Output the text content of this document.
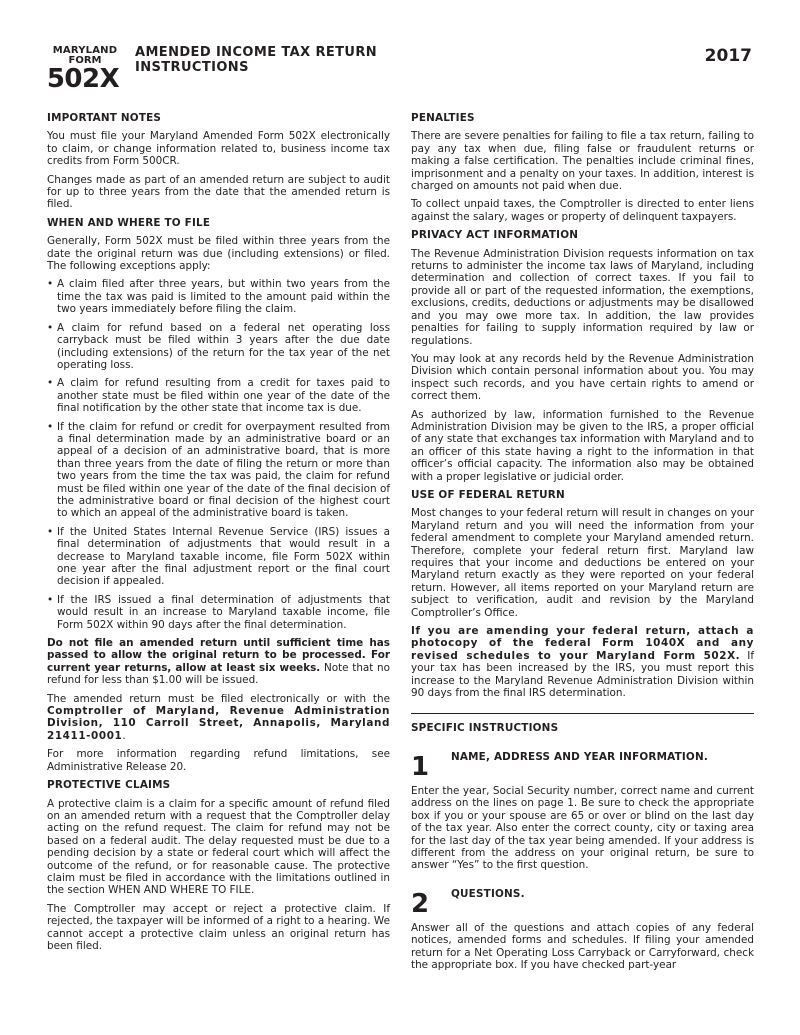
MARYLAND
FORM
502X
AMENDED INCOME TAX RETURN
INSTRUCTIONS
2017
IMPORTANT NOTES

You must file your Maryland Amended Form 502X electronically to claim, or change information related to, business income tax credits from Form 500CR.

Changes made as part of an amended return are subject to audit for up to three years from the date that the amended return is filed.

WHEN AND WHERE TO FILE

Generally, Form 502X must be filed within three years from the date the original return was due (including extensions) or filed. The following exceptions apply:

• A claim filed after three years, but within two years from the time the tax was paid is limited to the amount paid within the two years immediately before filing the claim.
• A claim for refund based on a federal net operating loss carryback must be filed within 3 years after the due date (including extensions) of the return for the tax year of the net operating loss.
• A claim for refund resulting from a credit for taxes paid to another state must be filed within one year of the date of the final notification by the other state that income tax is due.
• If the claim for refund or credit for overpayment resulted from a final determination made by an administrative board or an appeal of a decision of an administrative board, that is more than three years from the date of filing the return or more than two years from the time the tax was paid, the claim for refund must be filed within one year of the date of the final decision of the administrative board or final decision of the highest court to which an appeal of the administrative board is taken.
• If the United States Internal Revenue Service (IRS) issues a final determination of adjustments that would result in a decrease to Maryland taxable income, file Form 502X within one year after the final adjustment report or the final court decision if appealed.
• If the IRS issued a final determination of adjustments that would result in an increase to Maryland taxable income, file Form 502X within 90 days after the final determination.

Do not file an amended return until sufficient time has passed to allow the original return to be processed. For current year returns, allow at least six weeks. Note that no refund for less than $1.00 will be issued.

The amended return must be filed electronically or with the Comptroller of Maryland, Revenue Administration Division, 110 Carroll Street, Annapolis, Maryland 21411-0001.

For more information regarding refund limitations, see Administrative Release 20.

PROTECTIVE CLAIMS

A protective claim is a claim for a specific amount of refund filed on an amended return with a request that the Comptroller delay acting on the refund request. The claim for refund may not be based on a federal audit. The delay requested must be due to a pending decision by a state or federal court which will affect the outcome of the refund, or for reasonable cause. The protective claim must be filed in accordance with the limitations outlined in the section WHEN AND WHERE TO FILE.

The Comptroller may accept or reject a protective claim. If rejected, the taxpayer will be informed of a right to a hearing. We cannot accept a protective claim unless an original return has been filed.

PENALTIES

There are severe penalties for failing to file a tax return, failing to pay any tax when due, filing false or fraudulent returns or making a false certification. The penalties include criminal fines, imprisonment and a penalty on your taxes. In addition, interest is charged on amounts not paid when due.

To collect unpaid taxes, the Comptroller is directed to enter liens against the salary, wages or property of delinquent taxpayers.

PRIVACY ACT INFORMATION

The Revenue Administration Division requests information on tax returns to administer the income tax laws of Maryland, including determination and collection of correct taxes. If you fail to provide all or part of the requested information, the exemptions, exclusions, credits, deductions or adjustments may be disallowed and you may owe more tax. In addition, the law provides penalties for failing to supply information required by law or regulations.

You may look at any records held by the Revenue Administration Division which contain personal information about you. You may inspect such records, and you have certain rights to amend or correct them.

As authorized by law, information furnished to the Revenue Administration Division may be given to the IRS, a proper official of any state that exchanges tax information with Maryland and to an officer of this state having a right to the information in that officer’s official capacity. The information also may be obtained with a proper legislative or judicial order.

USE OF FEDERAL RETURN

Most changes to your federal return will result in changes on your Maryland return and you will need the information from your federal amendment to complete your Maryland amended return. Therefore, complete your federal return first. Maryland law requires that your income and deductions be entered on your Maryland return exactly as they were reported on your federal return. However, all items reported on your Maryland return are subject to verification, audit and revision by the Maryland Comptroller’s Office.

If you are amending your federal return, attach a photocopy of the federal Form 1040X and any revised schedules to your Maryland Form 502X. If your tax has been increased by the IRS, you must report this increase to the Maryland Revenue Administration Division within 90 days from the final IRS determination.

SPECIFIC INSTRUCTIONS
1	NAME, ADDRESS AND YEAR INFORMATION.

Enter the year, Social Security number, correct name and current address on the lines on page 1. Be sure to check the appropriate box if you or your spouse are 65 or over or blind on the last day of the tax year. Also enter the correct county, city or taxing area for the last day of the tax year being amended. If your address is different from the address on your original return, be sure to answer “Yes” to the first question.

2	QUESTIONS.

Answer all of the questions and attach copies of any federal notices, amended forms and schedules. If filing your amended return for a Net Operating Loss Carryback or Carryforward, check the appropriate box. If you have checked part-year
